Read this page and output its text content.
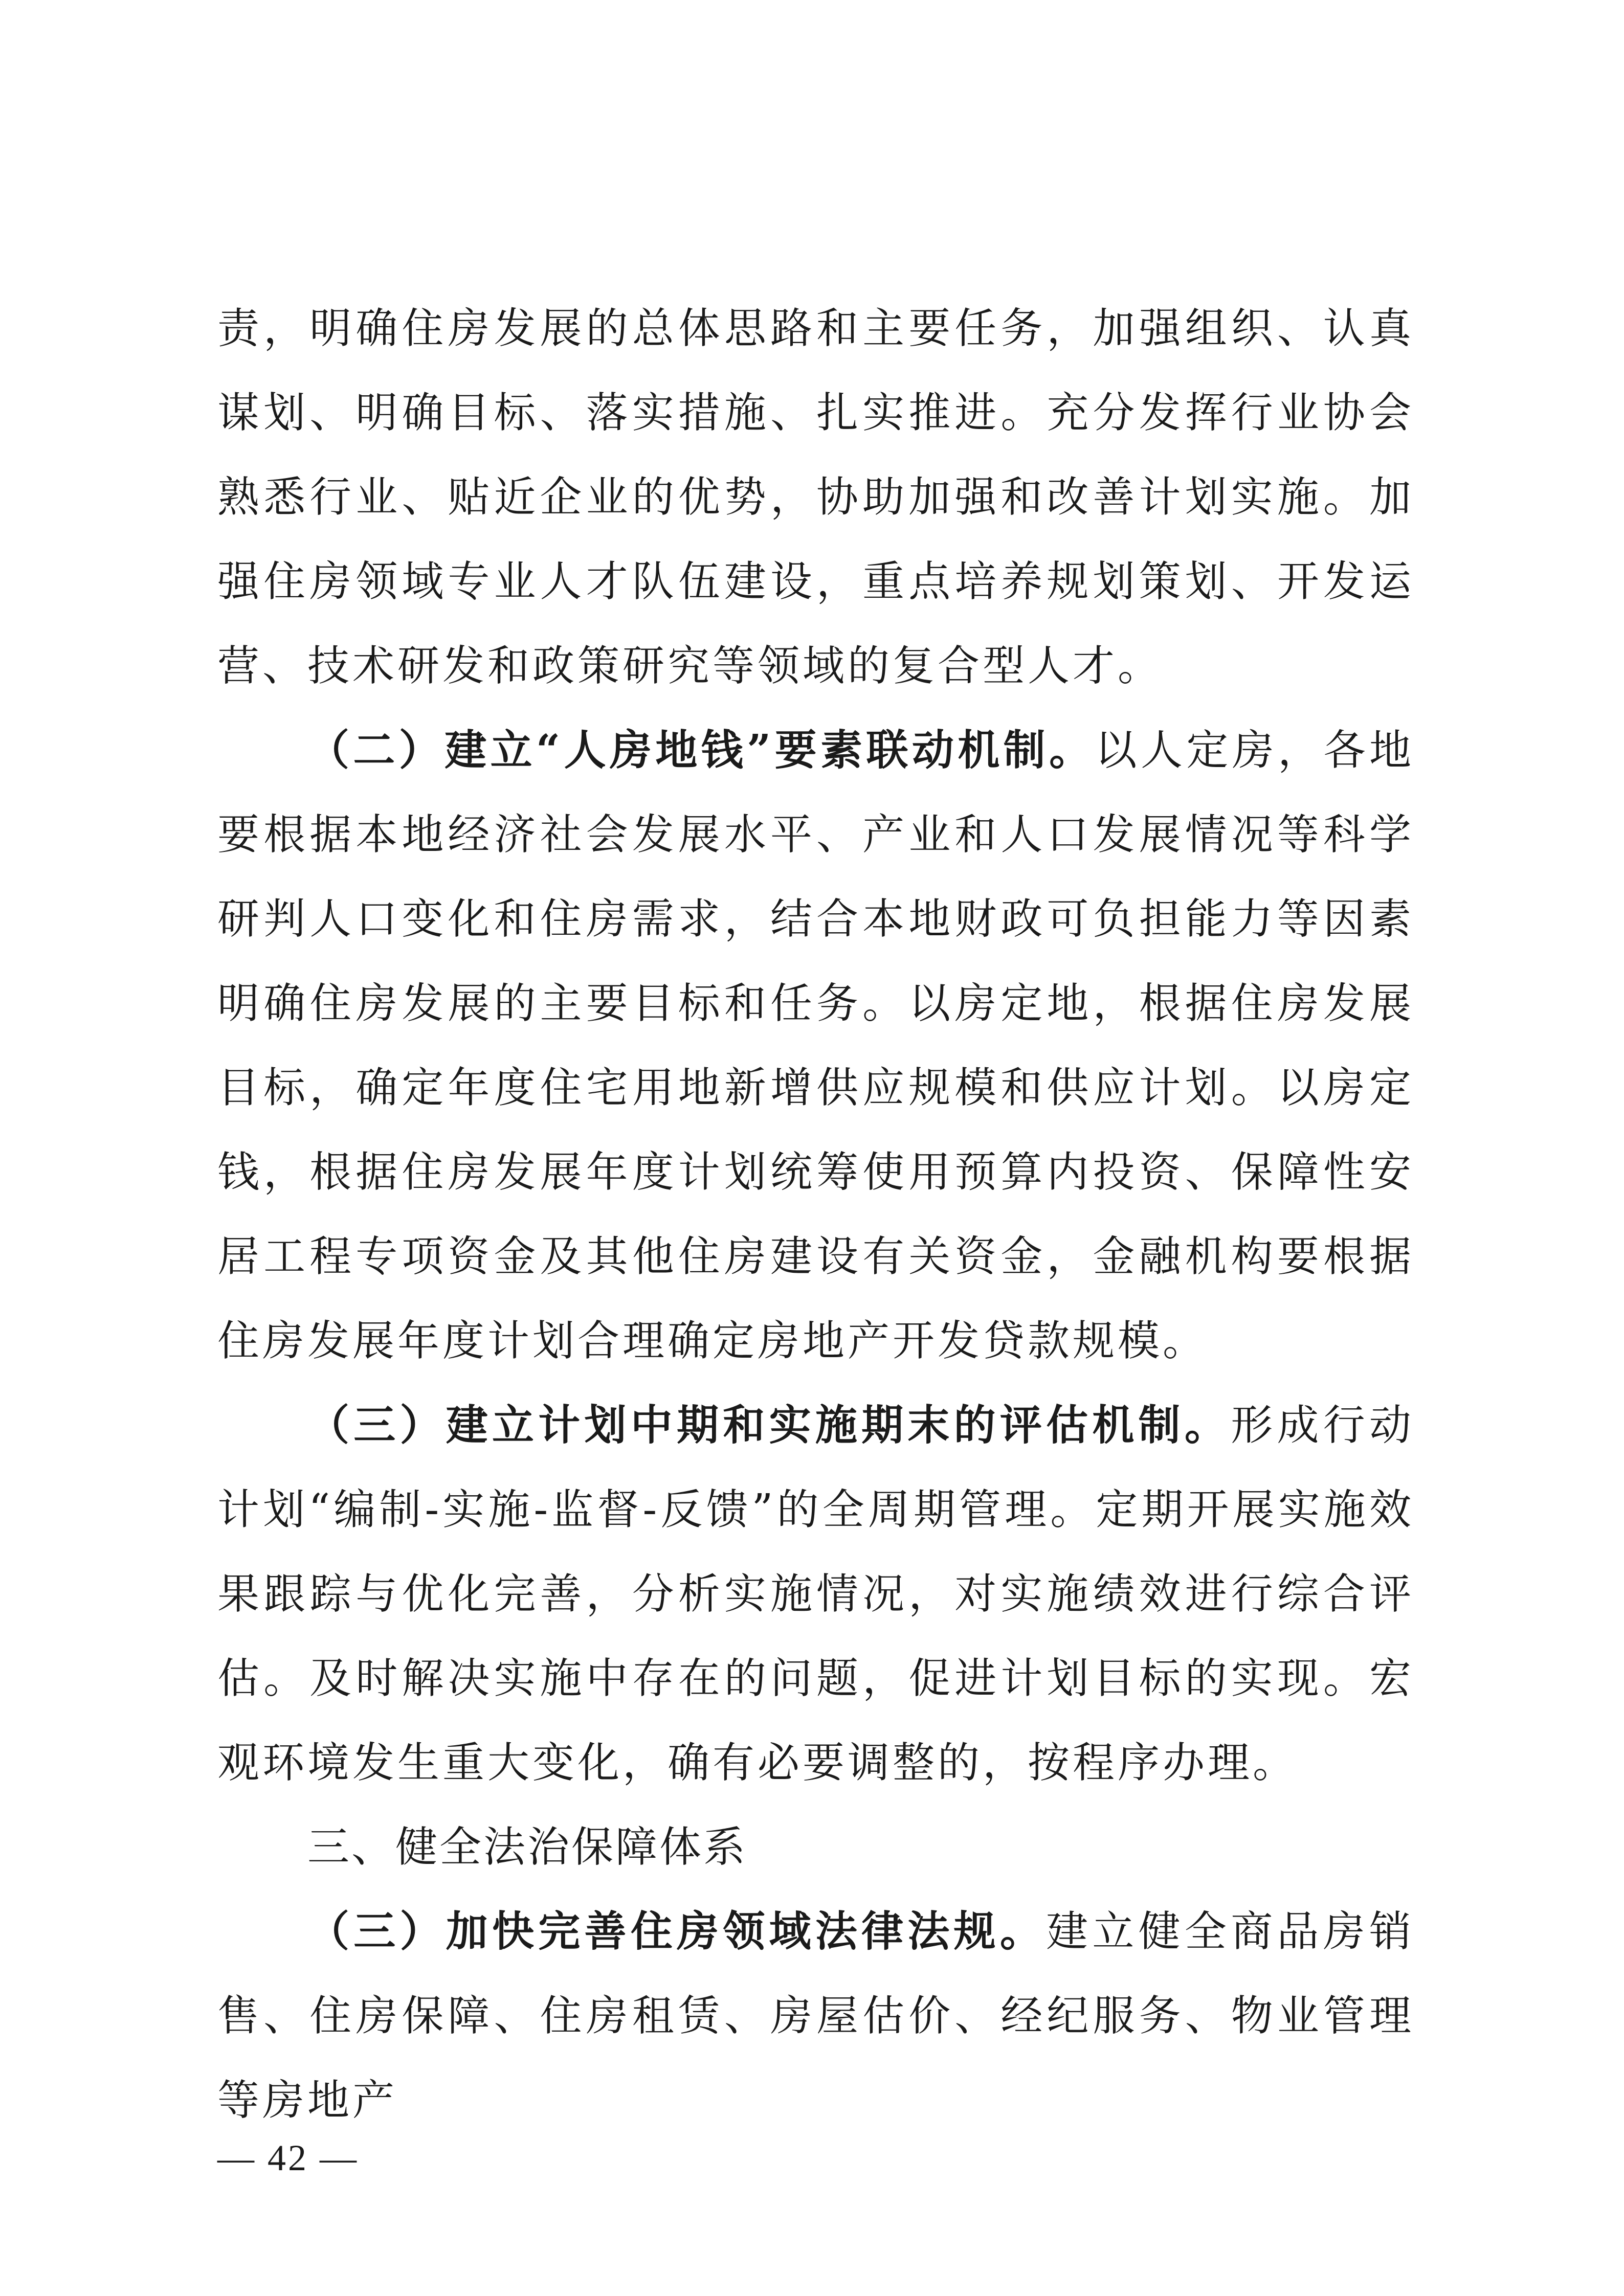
责，明确住房发展的总体思路和主要任务，加强组织、认真谋划、明确目标、落实措施、扎实推进。充分发挥行业协会熟悉行业、贴近企业的优势，协助加强和改善计划实施。加强住房领域专业人才队伍建设，重点培养规划策划、开发运营、技术研发和政策研究等领域的复合型人才。

（二）建立“人房地钱”要素联动机制。以人定房，各地要根据本地经济社会发展水平、产业和人口发展情况等科学研判人口变化和住房需求，结合本地财政可负担能力等因素明确住房发展的主要目标和任务。以房定地，根据住房发展目标，确定年度住宅用地新增供应规模和供应计划。以房定钱，根据住房发展年度计划统筹使用预算内投资、保障性安居工程专项资金及其他住房建设有关资金，金融机构要根据住房发展年度计划合理确定房地产开发贷款规模。

（三）建立计划中期和实施期末的评估机制。形成行动计划“编制-实施-监督-反馈”的全周期管理。定期开展实施效果跟踪与优化完善，分析实施情况，对实施绩效进行综合评估。及时解决实施中存在的问题，促进计划目标的实现。宏观环境发生重大变化，确有必要调整的，按程序办理。

三、健全法治保障体系

（三）加快完善住房领域法律法规。建立健全商品房销售、住房保障、住房租赁、房屋估价、经纪服务、物业管理等房地产

— 42 —
